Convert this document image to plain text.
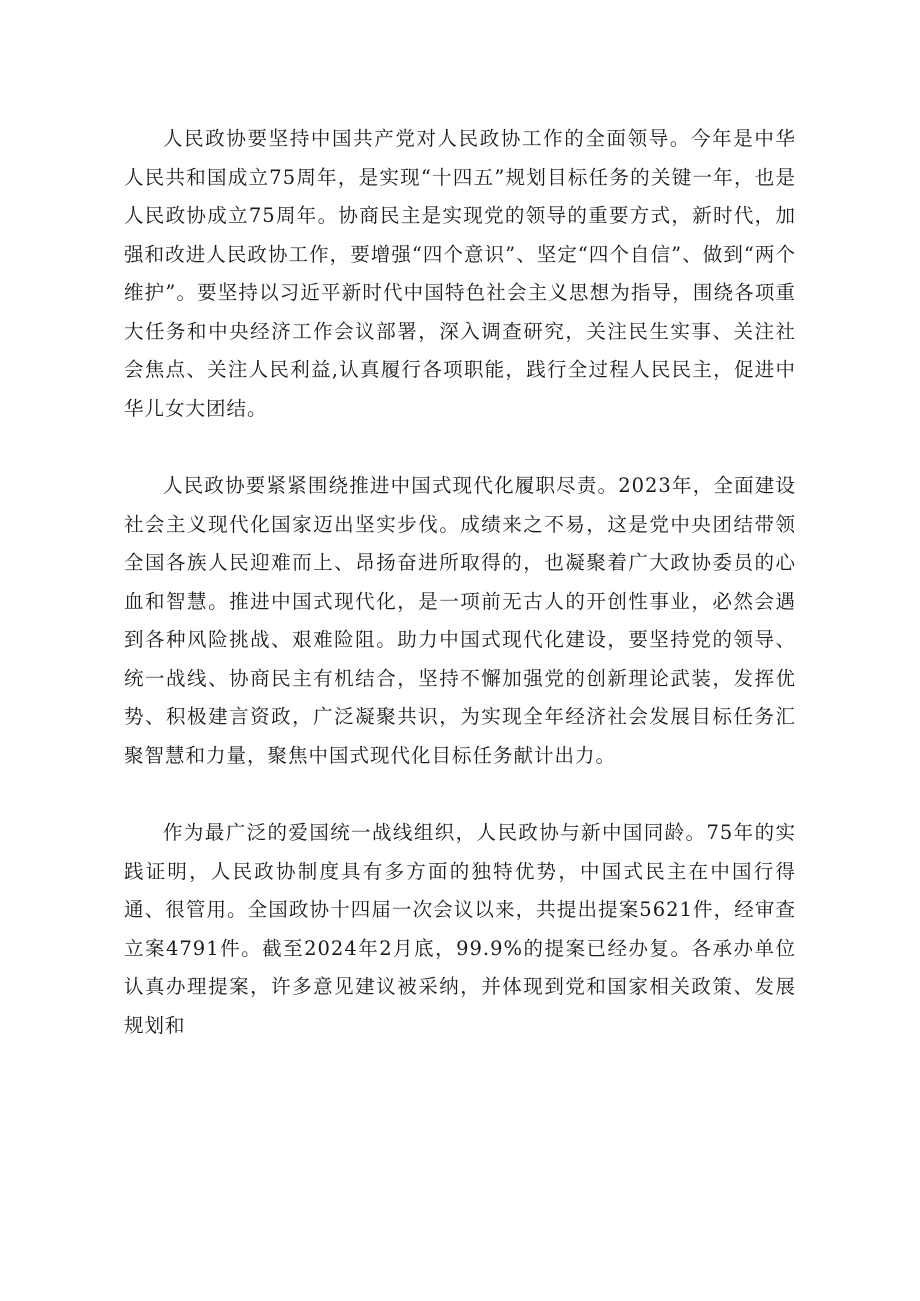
人民政协要坚持中国共产党对人民政协工作的全面领导。今年是中华人民共和国成立75周年，是实现“十四五”规划目标任务的关键一年，也是人民政协成立75周年。协商民主是实现党的领导的重要方式，新时代，加强和改进人民政协工作，要增强“四个意识”、坚定“四个自信”、做到“两个维护”。要坚持以习近平新时代中国特色社会主义思想为指导，围绕各项重大任务和中央经济工作会议部署，深入调查研究，关注民生实事、关注社会焦点、关注人民利益,认真履行各项职能，践行全过程人民民主，促进中华儿女大团结。

人民政协要紧紧围绕推进中国式现代化履职尽责。2023年，全面建设社会主义现代化国家迈出坚实步伐。成绩来之不易，这是党中央团结带领全国各族人民迎难而上、昂扬奋进所取得的，也凝聚着广大政协委员的心血和智慧。推进中国式现代化，是一项前无古人的开创性事业，必然会遇到各种风险挑战、艰难险阻。助力中国式现代化建设，要坚持党的领导、统一战线、协商民主有机结合，坚持不懈加强党的创新理论武装，发挥优势、积极建言资政，广泛凝聚共识，为实现全年经济社会发展目标任务汇聚智慧和力量，聚焦中国式现代化目标任务献计出力。

作为最广泛的爱国统一战线组织，人民政协与新中国同龄。75年的实践证明，人民政协制度具有多方面的独特优势，中国式民主在中国行得通、很管用。全国政协十四届一次会议以来，共提出提案5621件，经审查立案4791件。截至2024年2月底，99.9%的提案已经办复。各承办单位认真办理提案，许多意见建议被采纳，并体现到党和国家相关政策、发展规划和
